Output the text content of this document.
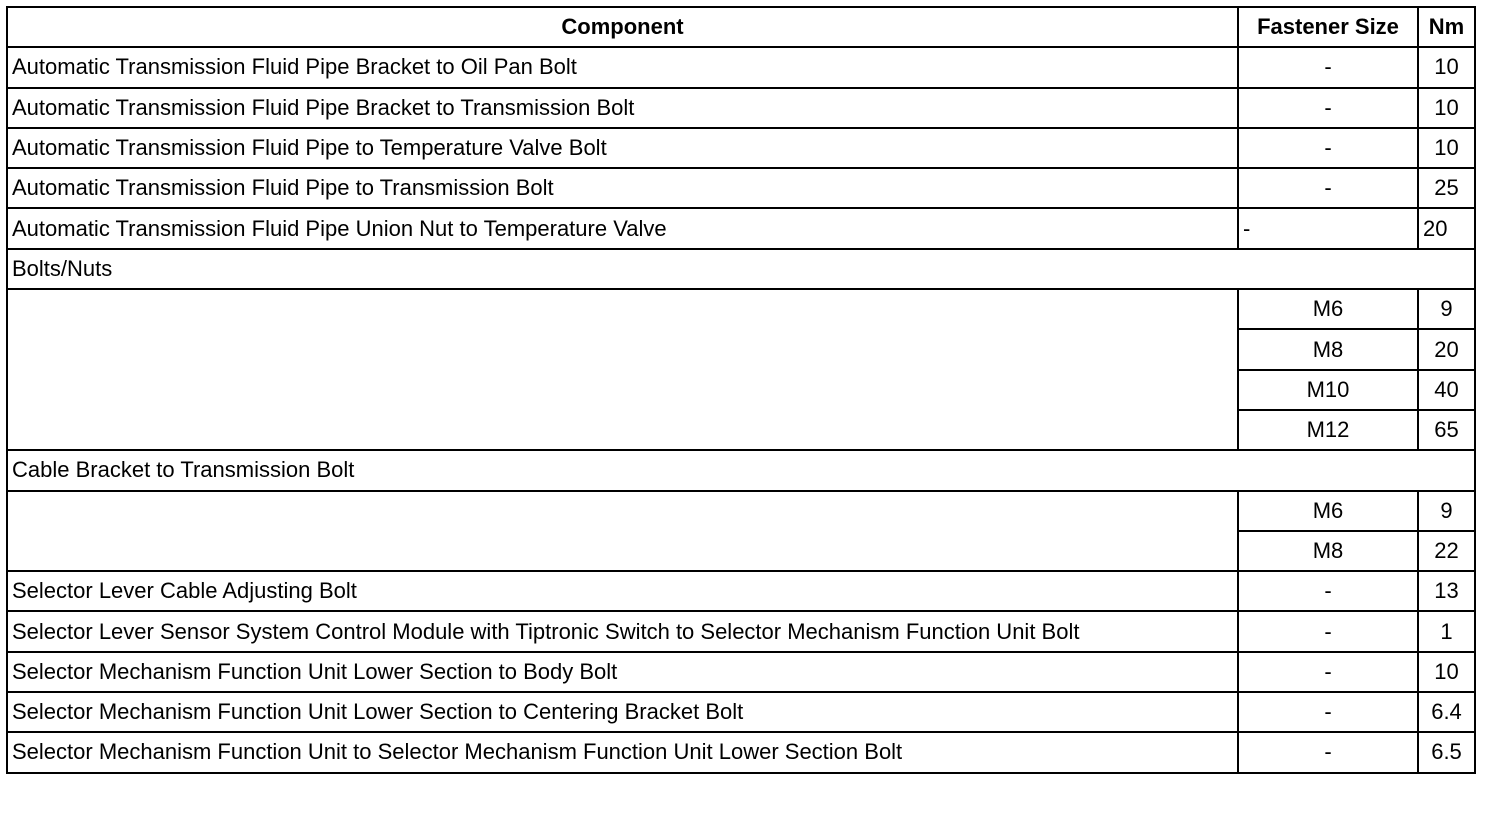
Component	Fastener Size	Nm
Automatic Transmission Fluid Pipe Bracket to Oil Pan Bolt	-	10
Automatic Transmission Fluid Pipe Bracket to Transmission Bolt	-	10
Automatic Transmission Fluid Pipe to Temperature Valve Bolt	-	10
Automatic Transmission Fluid Pipe to Transmission Bolt	-	25
Automatic Transmission Fluid Pipe Union Nut to Temperature Valve	-	20
Bolts/Nuts		
	M6	9
	M8	20
	M10	40
	M12	65
Cable Bracket to Transmission Bolt		
	M6	9
	M8	22
Selector Lever Cable Adjusting Bolt	-	13
Selector Lever Sensor System Control Module with Tiptronic Switch to Selector Mechanism Function Unit Bolt	-	1
Selector Mechanism Function Unit Lower Section to Body Bolt	-	10
Selector Mechanism Function Unit Lower Section to Centering Bracket Bolt	-	6.4
Selector Mechanism Function Unit to Selector Mechanism Function Unit Lower Section Bolt	-	6.5
